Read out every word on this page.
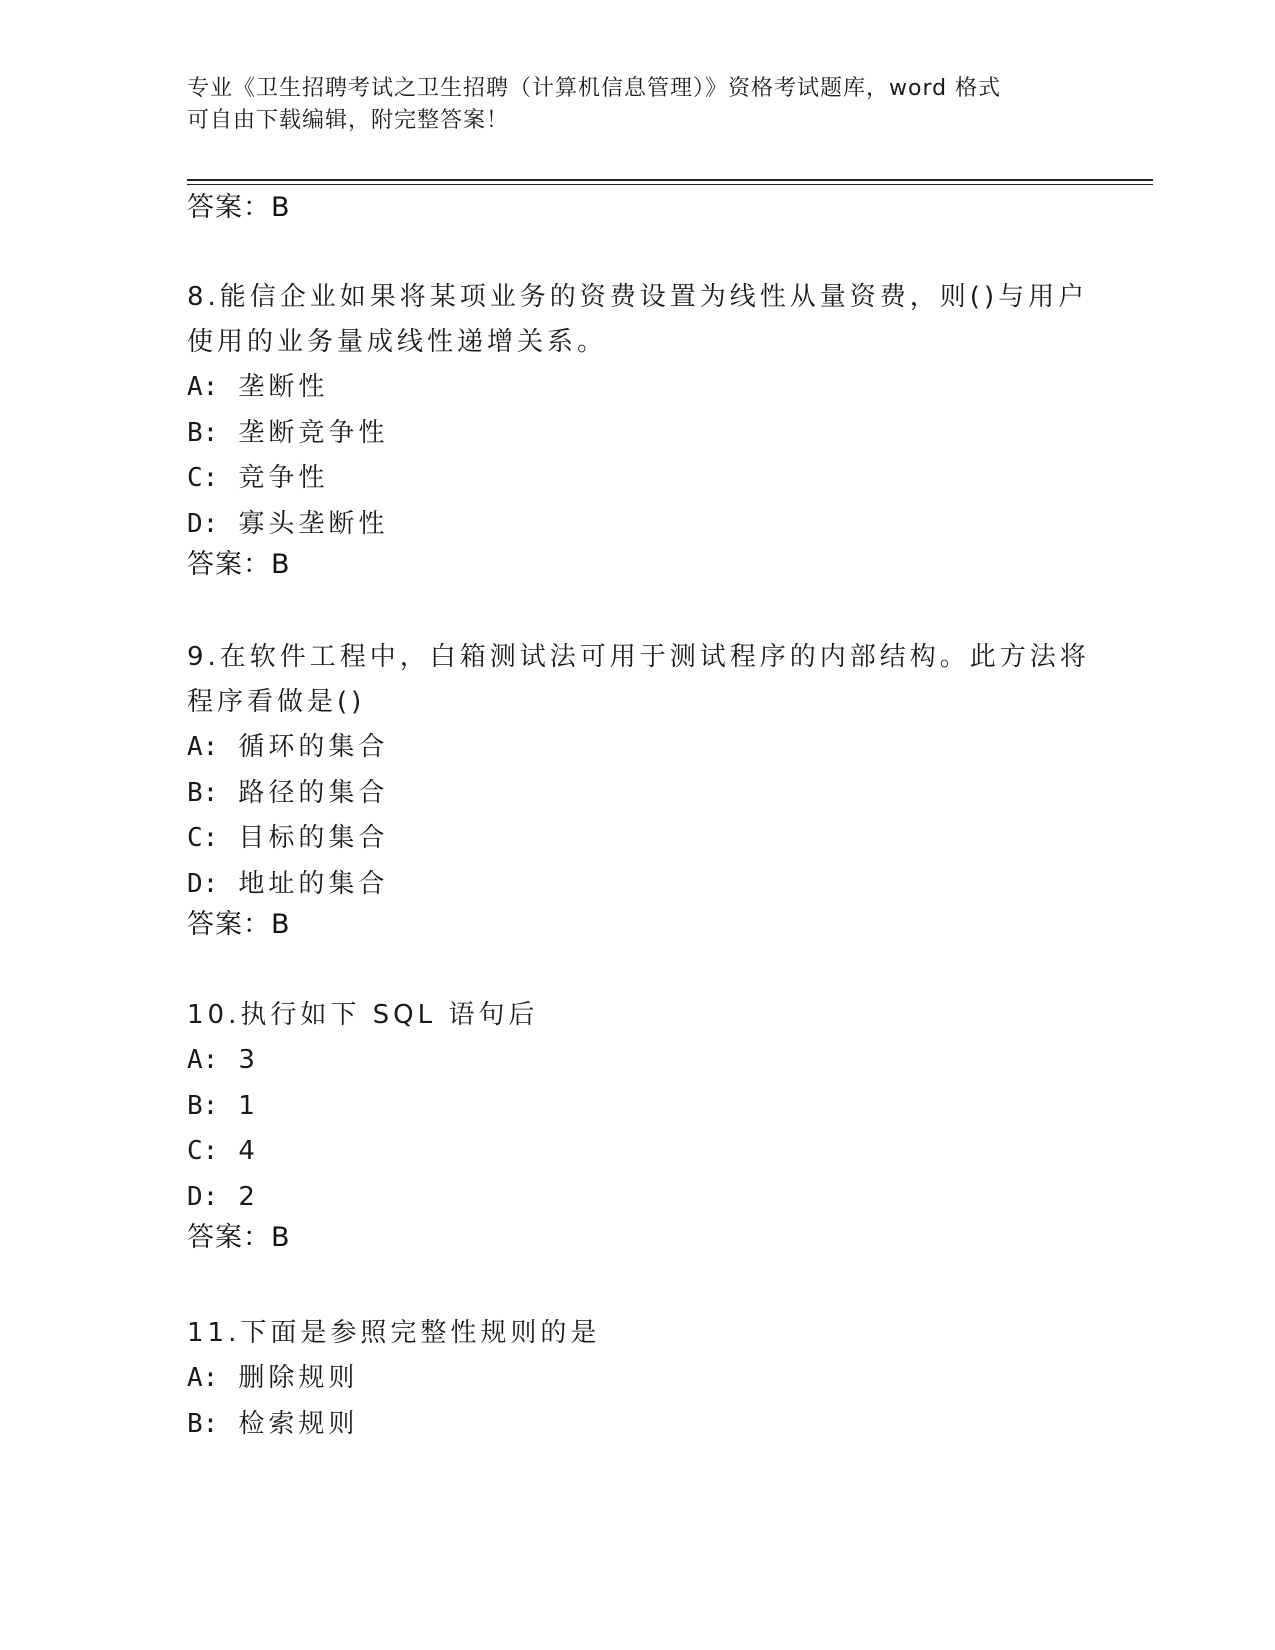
专业《卫生招聘考试之卫生招聘（计算机信息管理）》资格考试题库，word 格式
可自由下载编辑，附完整答案！
答案：B
8.能信企业如果将某项业务的资费设置为线性从量资费，则()与用户
使用的业务量成线性递增关系。
A: 垄断性
B: 垄断竞争性
C: 竞争性
D: 寡头垄断性
答案：B
9.在软件工程中，白箱测试法可用于测试程序的内部结构。此方法将
程序看做是()
A: 循环的集合
B: 路径的集合
C: 目标的集合
D: 地址的集合
答案：B
10.执行如下 SQL 语句后
A: 3
B: 1
C: 4
D: 2
答案：B
11.下面是参照完整性规则的是
A: 删除规则
B: 检索规则
